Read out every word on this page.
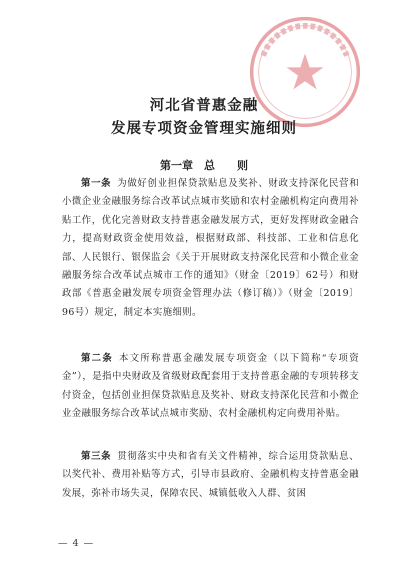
河北省普惠金融
发展专项资金管理实施细则
第一章　总　　则

第一条 为做好创业担保贷款贴息及奖补、财政支持深化民营和小微企业金融服务综合改革试点城市奖励和农村金融机构定向费用补贴工作，优化完善财政支持普惠金融发展方式，更好发挥财政金融合力，提高财政资金使用效益，根据财政部、科技部、工业和信息化部、人民银行、银保监会《关于开展财政支持深化民营和小微企业金融服务综合改革试点城市工作的通知》（财金〔2019〕62号）和财政部《普惠金融发展专项资金管理办法（修订稿）》（财金〔2019〕96号）规定，制定本实施细则。

第二条 本文所称普惠金融发展专项资金（以下简称“专项资金”），是指中央财政及省级财政配套用于支持普惠金融的专项转移支付资金，包括创业担保贷款贴息及奖补、财政支持深化民营和小微企业金融服务综合改革试点城市奖励、农村金融机构定向费用补贴。

第三条 贯彻落实中央和省有关文件精神，综合运用贷款贴息、以奖代补、费用补贴等方式，引导市县政府、金融机构支持普惠金融发展，弥补市场失灵，保障农民、城镇低收入人群、贫困

— 4 —
